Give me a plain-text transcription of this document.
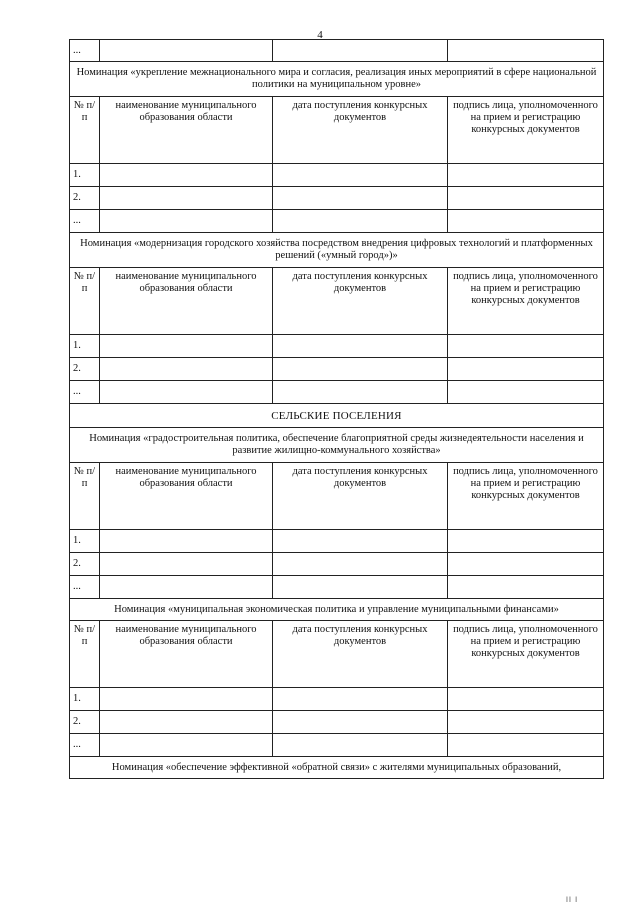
4
...			
Номинация «укрепление межнационального мира и согласия, реализация иных мероприятий в сфере национальной политики на муниципальном уровне»			
№ п/п	наименование муниципального образования области	дата поступления конкурсных документов	подпись лица, уполномоченного на прием и регистрацию конкурсных документов
1.			
2.			
...			
Номинация «модернизация городского хозяйства посредством внедрения цифровых технологий и платформенных решений («умный город»)»			
№ п/п	наименование муниципального образования области	дата поступления конкурсных документов	подпись лица, уполномоченного на прием и регистрацию конкурсных документов
1.			
2.			
...			
СЕЛЬСКИЕ ПОСЕЛЕНИЯ			
Номинация «градостроительная политика, обеспечение благоприятной среды жизнедеятельности населения и развитие жилищно-коммунального хозяйства»			
№ п/п	наименование муниципального образования области	дата поступления конкурсных документов	подпись лица, уполномоченного на прием и регистрацию конкурсных документов
1.			
2.			
...			
Номинация «муниципальная экономическая политика и управление муниципальными финансами»			
№ п/п	наименование муниципального образования области	дата поступления конкурсных документов	подпись лица, уполномоченного на прием и регистрацию конкурсных документов
1.			
2.			
...			
Номинация «обеспечение эффективной «обратной связи» с жителями муниципальных образований,			
ll l
